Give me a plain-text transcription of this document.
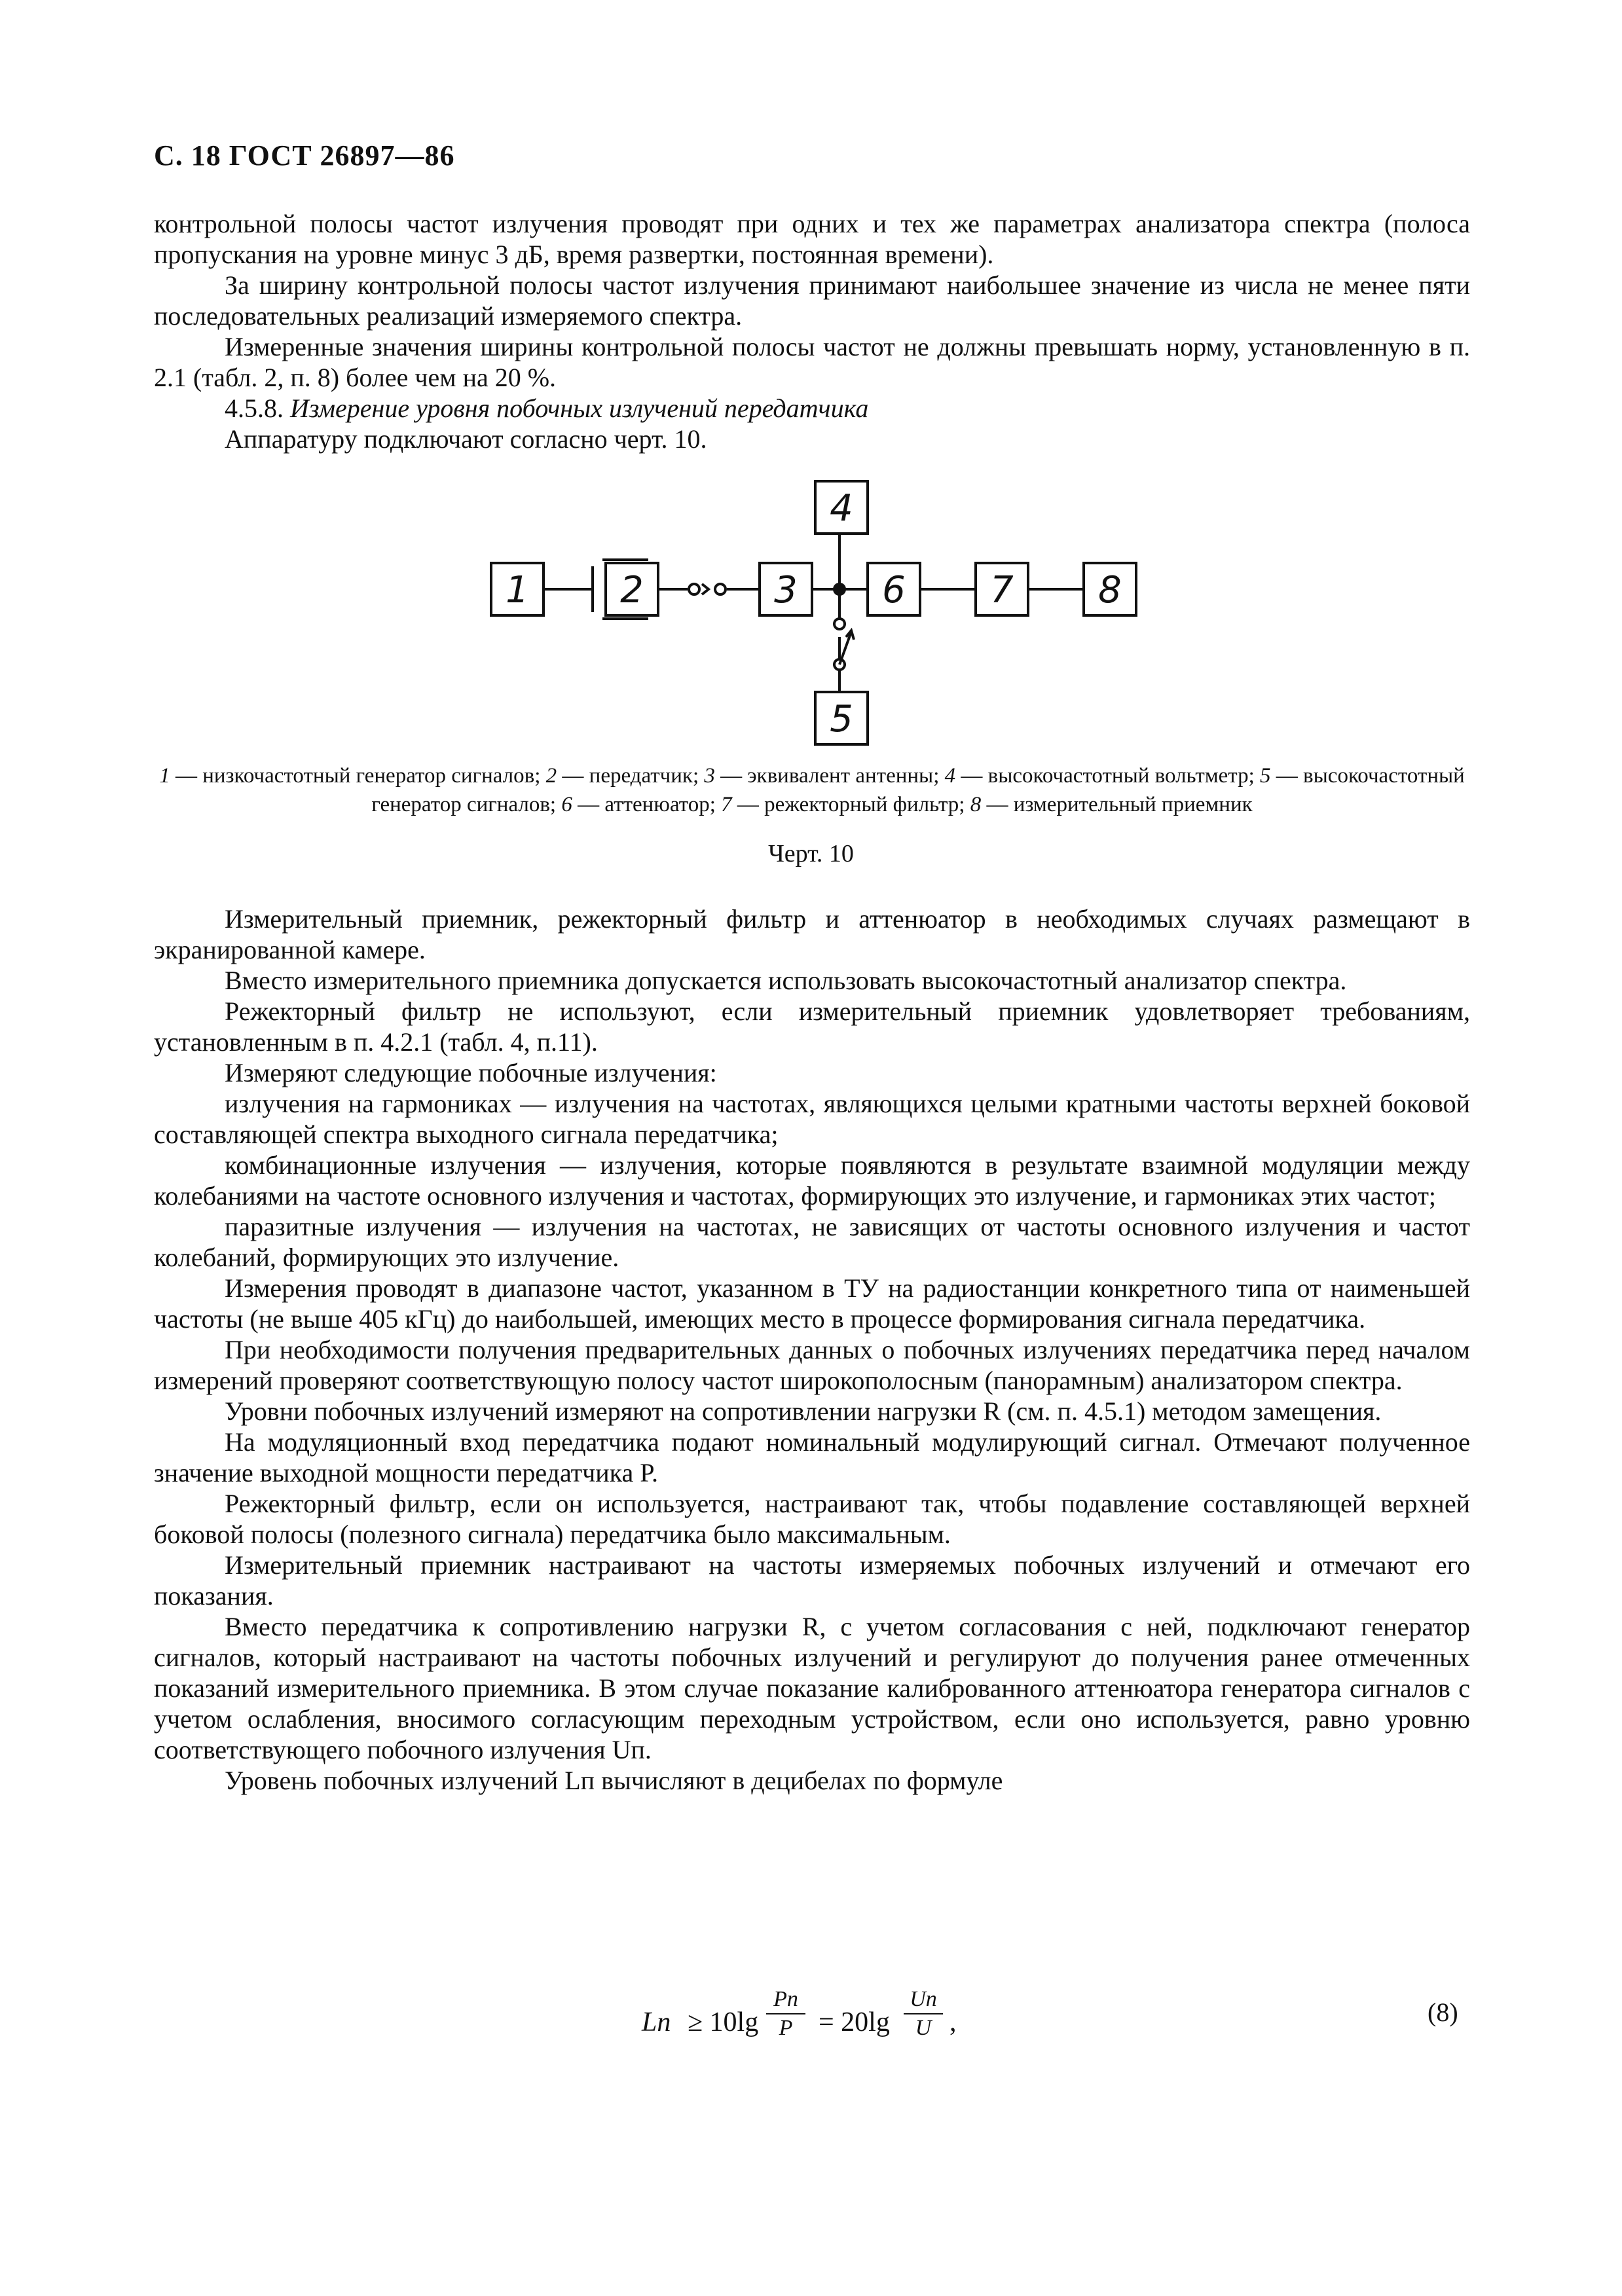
С. 18 ГОСТ 26897—86

контрольной полосы частот излучения проводят при одних и тех же параметрах анализатора спектра (полоса пропускания на уровне минус 3 дБ, время развертки, постоянная времени).

За ширину контрольной полосы частот излучения принимают наибольшее значение из числа не менее пяти последовательных реализаций измеряемого спектра.

Измеренные значения ширины контрольной полосы частот не должны превышать норму, установленную в п. 2.1 (табл. 2, п. 8) более чем на 20 %.

4.5.8. Измерение уровня побочных излучений передатчика

Аппаратуру подключают согласно черт. 10.

1 2	3
4
5
6 7 8
1 — низкочастотный генератор сигналов; 2 — передатчик; 3 — эквивалент антенны; 4 — высокочастотный вольтметр; 5 — высокочастотный генератор сигналов; 6 — аттенюатор; 7 — режекторный фильтр; 8 — измерительный приемник
Черт. 10

Измерительный приемник, режекторный фильтр и аттенюатор в необходимых случаях размещают в экранированной камере.

Вместо измерительного приемника допускается использовать высокочастотный анализатор спектра.

Режекторный фильтр не используют, если измерительный приемник удовлетворяет требованиям, установленным в п. 4.2.1 (табл. 4, п.11).

Измеряют следующие побочные излучения:

излучения на гармониках — излучения на частотах, являющихся целыми кратными частоты верхней боковой составляющей спектра выходного сигнала передатчика;

комбинационные излучения — излучения, которые появляются в результате взаимной модуляции между колебаниями на частоте основного излучения и частотах, формирующих это излучение, и гармониках этих частот;

паразитные излучения — излучения на частотах, не зависящих от частоты основного излучения и частот колебаний, формирующих это излучение.

Измерения проводят в диапазоне частот, указанном в ТУ на радиостанции конкретного типа от наименьшей частоты (не выше 405 кГц) до наибольшей, имеющих место в процессе формирования сигнала передатчика.

При необходимости получения предварительных данных о побочных излучениях передатчика перед началом измерений проверяют соответствующую полосу частот широкополосным (панорамным) анализатором спектра.

Уровни побочных излучений измеряют на сопротивлении нагрузки R (см. п. 4.5.1) методом замещения.

На модуляционный вход передатчика подают номинальный модулирующий сигнал. Отмечают полученное значение выходной мощности передатчика P.

Режекторный фильтр, если он используется, настраивают так, чтобы подавление составляющей верхней боковой полосы (полезного сигнала) передатчика было максимальным.

Измерительный приемник настраивают на частоты измеряемых побочных излучений и отмечают его показания.

Вместо передатчика к сопротивлению нагрузки R, с учетом согласования с ней, подключают генератор сигналов, который настраивают на частоты побочных излучений и регулируют до получения ранее отмеченных показаний измерительного приемника. В этом случае показание калиброванного аттенюатора генератора сигналов с учетом ослабления, вносимого согласующим переходным устройством, если оно используется, равно уровню соответствующего побочного излучения Uп.

Уровень побочных излучений Lп вычисляют в децибелах по формуле

Lп ≥ 10lg
Pп
P = 20lg
Uп
U ,	(8)
